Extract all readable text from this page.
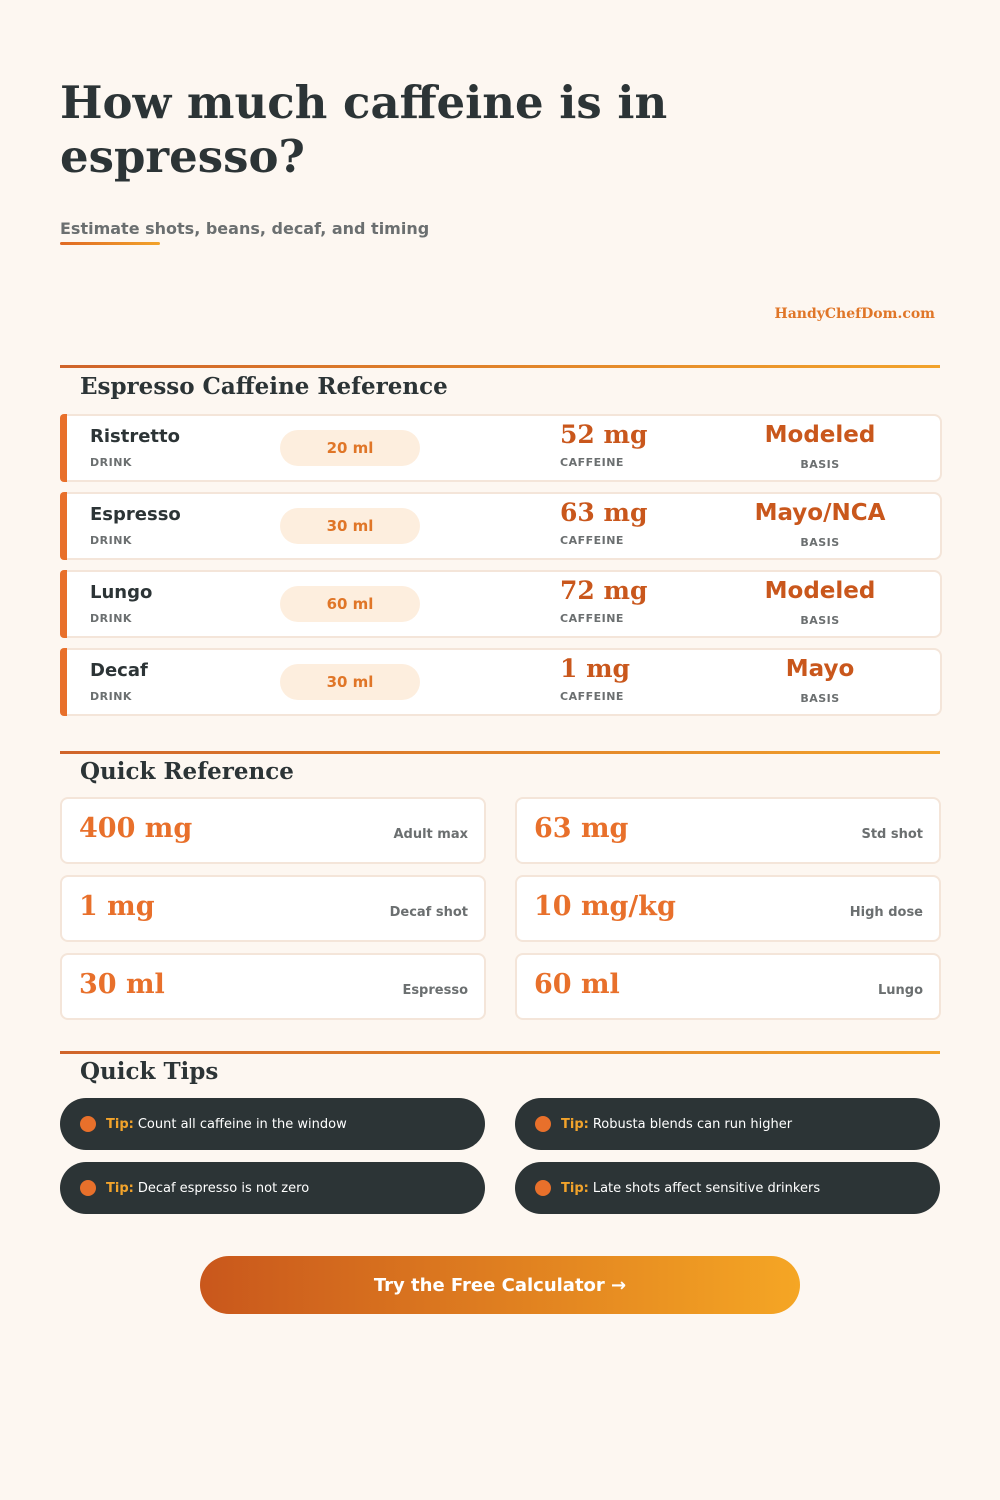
How much caffeine is in espresso?

Estimate shots, beans, decaf, and timing

HandyChefDom.com
Espresso Caffeine Reference
Ristretto
DRINK
20 ml	52 mg
CAFFEINE
Modeled
BASIS
Espresso
DRINK
30 ml	63 mg
CAFFEINE
Mayo/NCA
BASIS
Lungo
DRINK
60 ml	72 mg
CAFFEINE
Modeled
BASIS
Decaf
DRINK
30 ml	1 mg
CAFFEINE
Mayo
BASIS
Quick Reference
400 mg	Adult max 63 mg	Std shot
1 mg	Decaf shot 10 mg/kg	High dose
30 ml	Espresso 60 ml	Lungo
Quick Tips
Tip: Count all caffeine in the window	Tip: Robusta blends can run higher
Tip: Decaf espresso is not zero	Tip: Late shots affect sensitive drinkers
Try the Free Calculator →
